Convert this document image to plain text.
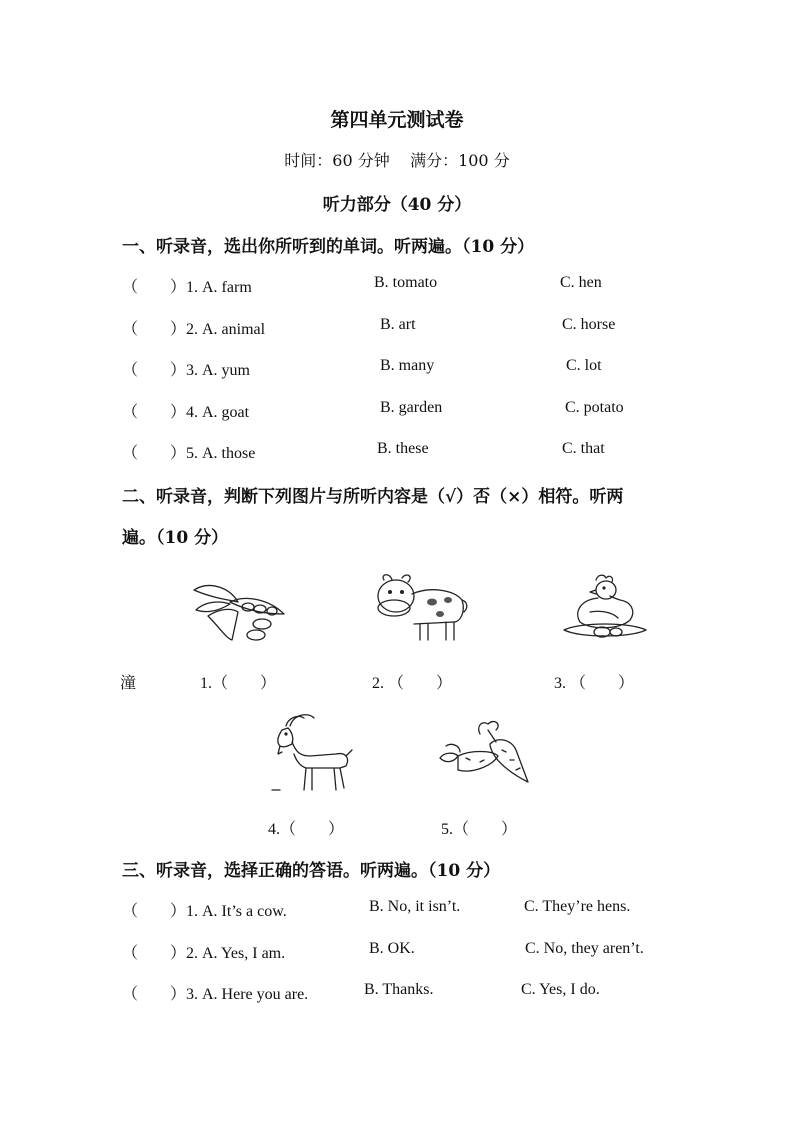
第四单元测试卷
时间：60 分钟    满分：100 分
听力部分（40 分）
一、听录音，选出你所听到的单词。听两遍。（10 分）
（　　）1. A. farm	B. tomato	C. hen
（　　）2. A. animal	B. art	C. horse
（　　）3. A. yum	B. many	C. lot
（　　）4. A. goat	B. garden	C. potato
（　　）5. A. those	B. these	C. that
二、听录音，判断下列图片与所听内容是（√）否（×）相符。听两
遍。（10 分）
潼	1.（　　）	2. （　　）	3. （　　）
4.（　　）	5.（　　）
三、听录音，选择正确的答语。听两遍。（10 分）
（　　）1. A. It’s a cow.	B. No, it isn’t.	C. They’re hens.
（　　）2. A. Yes, I am.	B. OK.	C. No, they aren’t.
（　　）3. A. Here you are.	B. Thanks.	C. Yes, I do.
